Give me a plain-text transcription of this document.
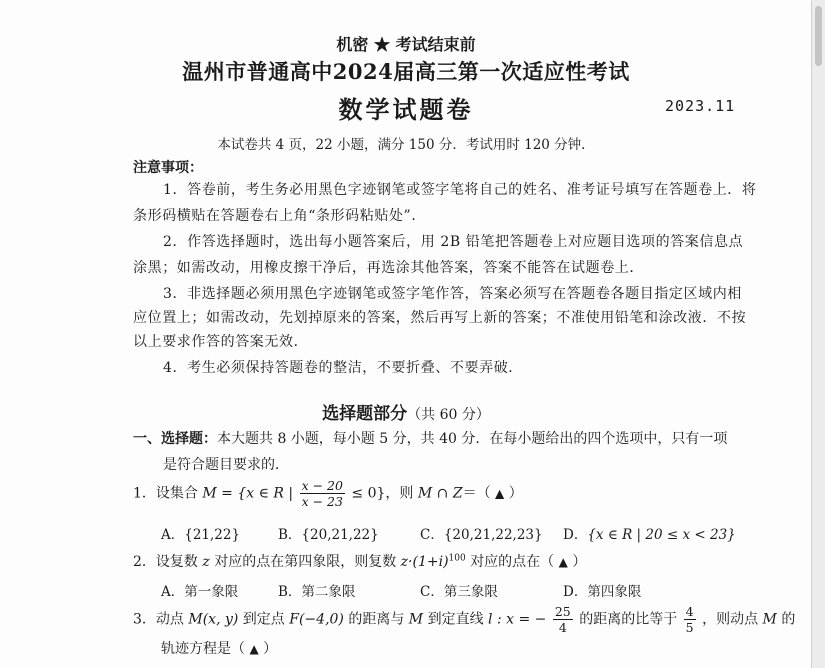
机密 ★ 考试结束前
温州市普通高中2024届高三第一次适应性考试
数学试题卷	2023.11
本试卷共 4 页，22 小题，满分 150 分．考试用时 120 分钟．
注意事项：
1．答卷前，考生务必用黑色字迹钢笔或签字笔将自己的姓名、准考证号填写在答题卷上．将
条形码横贴在答题卷右上角“条形码粘贴处”．
2．作答选择题时，选出每小题答案后，用 2B 铅笔把答题卷上对应题目选项的答案信息点
涂黑；如需改动，用橡皮擦干净后，再选涂其他答案，答案不能答在试题卷上．
3．非选择题必须用黑色字迹钢笔或签字笔作答，答案必须写在答题卷各题目指定区域内相
应位置上；如需改动，先划掉原来的答案，然后再写上新的答案；不准使用铅笔和涂改液．不按
以上要求作答的答案无效．
4．考生必须保持答题卷的整洁，不要折叠、不要弄破．
选择题部分（共 60 分）
一、选择题：本大题共 8 小题，每小题 5 分，共 40 分．在每小题给出的四个选项中，只有一项
是符合题目要求的．
1．设集合 M = {x ∈ R | $\frac{x - 20}{x - 23} \le 0$}，则 M ∩ Z＝（ ▲ ）
A．{21,22}	B．{20,21,22}	C．{20,21,22,23} D．{x ∈ R | 20 ≤ x < 23}
2．设复数 z 对应的点在第四象限，则复数 $z\cdot(1+i)^{100}$ 对应的点在（ ▲ ）
A．第一象限	B．第二象限	C．第三象限	D．第四象限
3．动点 M(x, y) 到定点 F(−4,0) 的距离与 M 到定直线 l : x = − $\frac{25}{4}$ 的距离的比等于 $\frac{4}{5}$ ，则动点 M 的
轨迹方程是（ ▲ ）
